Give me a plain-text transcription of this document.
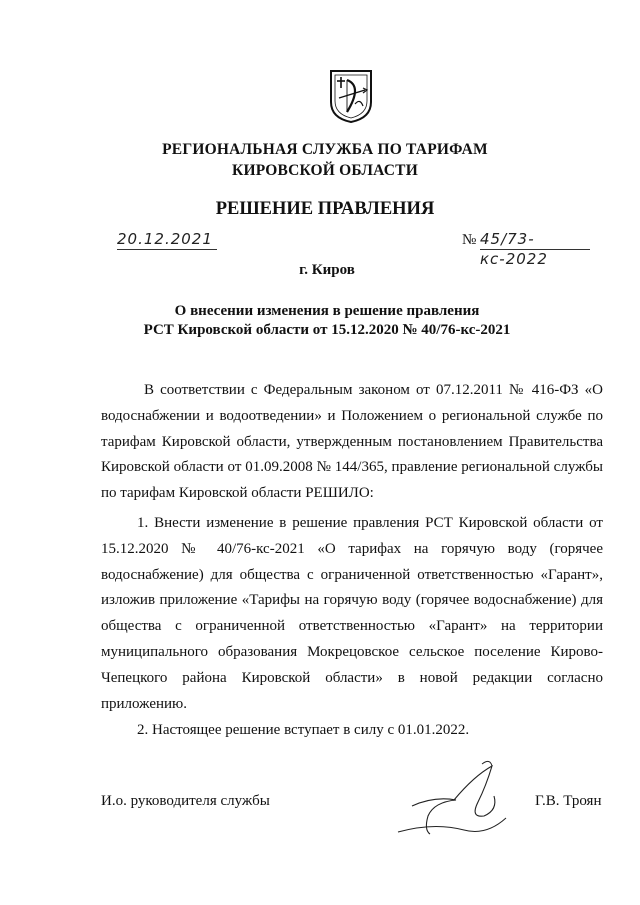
РЕГИОНАЛЬНАЯ СЛУЖБА ПО ТАРИФАМ
КИРОВСКОЙ ОБЛАСТИ
РЕШЕНИЕ ПРАВЛЕНИЯ
20.12.2021	№ 45/73-кс-2022
г. Киров
О внесении изменения в решение правления
РСТ Кировской области от 15.12.2020 № 40/76-кс-2021
В соответствии с Федеральным законом от 07.12.2011 № 416-ФЗ «О водоснабжении и водоотведении» и Положением о региональной службе по тарифам Кировской области, утвержденным постановлением Правительства Кировской области от 01.09.2008 № 144/365, правление региональной службы по тарифам Кировской области РЕШИЛО:
1. Внести изменение в решение правления РСТ Кировской области от 15.12.2020 № 40/76-кс-2021 «О тарифах на горячую воду (горячее водоснабжение) для общества с ограниченной ответственностью «Гарант», изложив приложение «Тарифы на горячую воду (горячее водоснабжение) для общества с ограниченной ответственностью «Гарант» на территории муниципального образования Мокрецовское сельское поселение Кирово-Чепецкого района Кировской области» в новой редакции согласно приложению.
2. Настоящее решение вступает в силу с 01.01.2022.
И.о. руководителя службы	Г.В. Троян
